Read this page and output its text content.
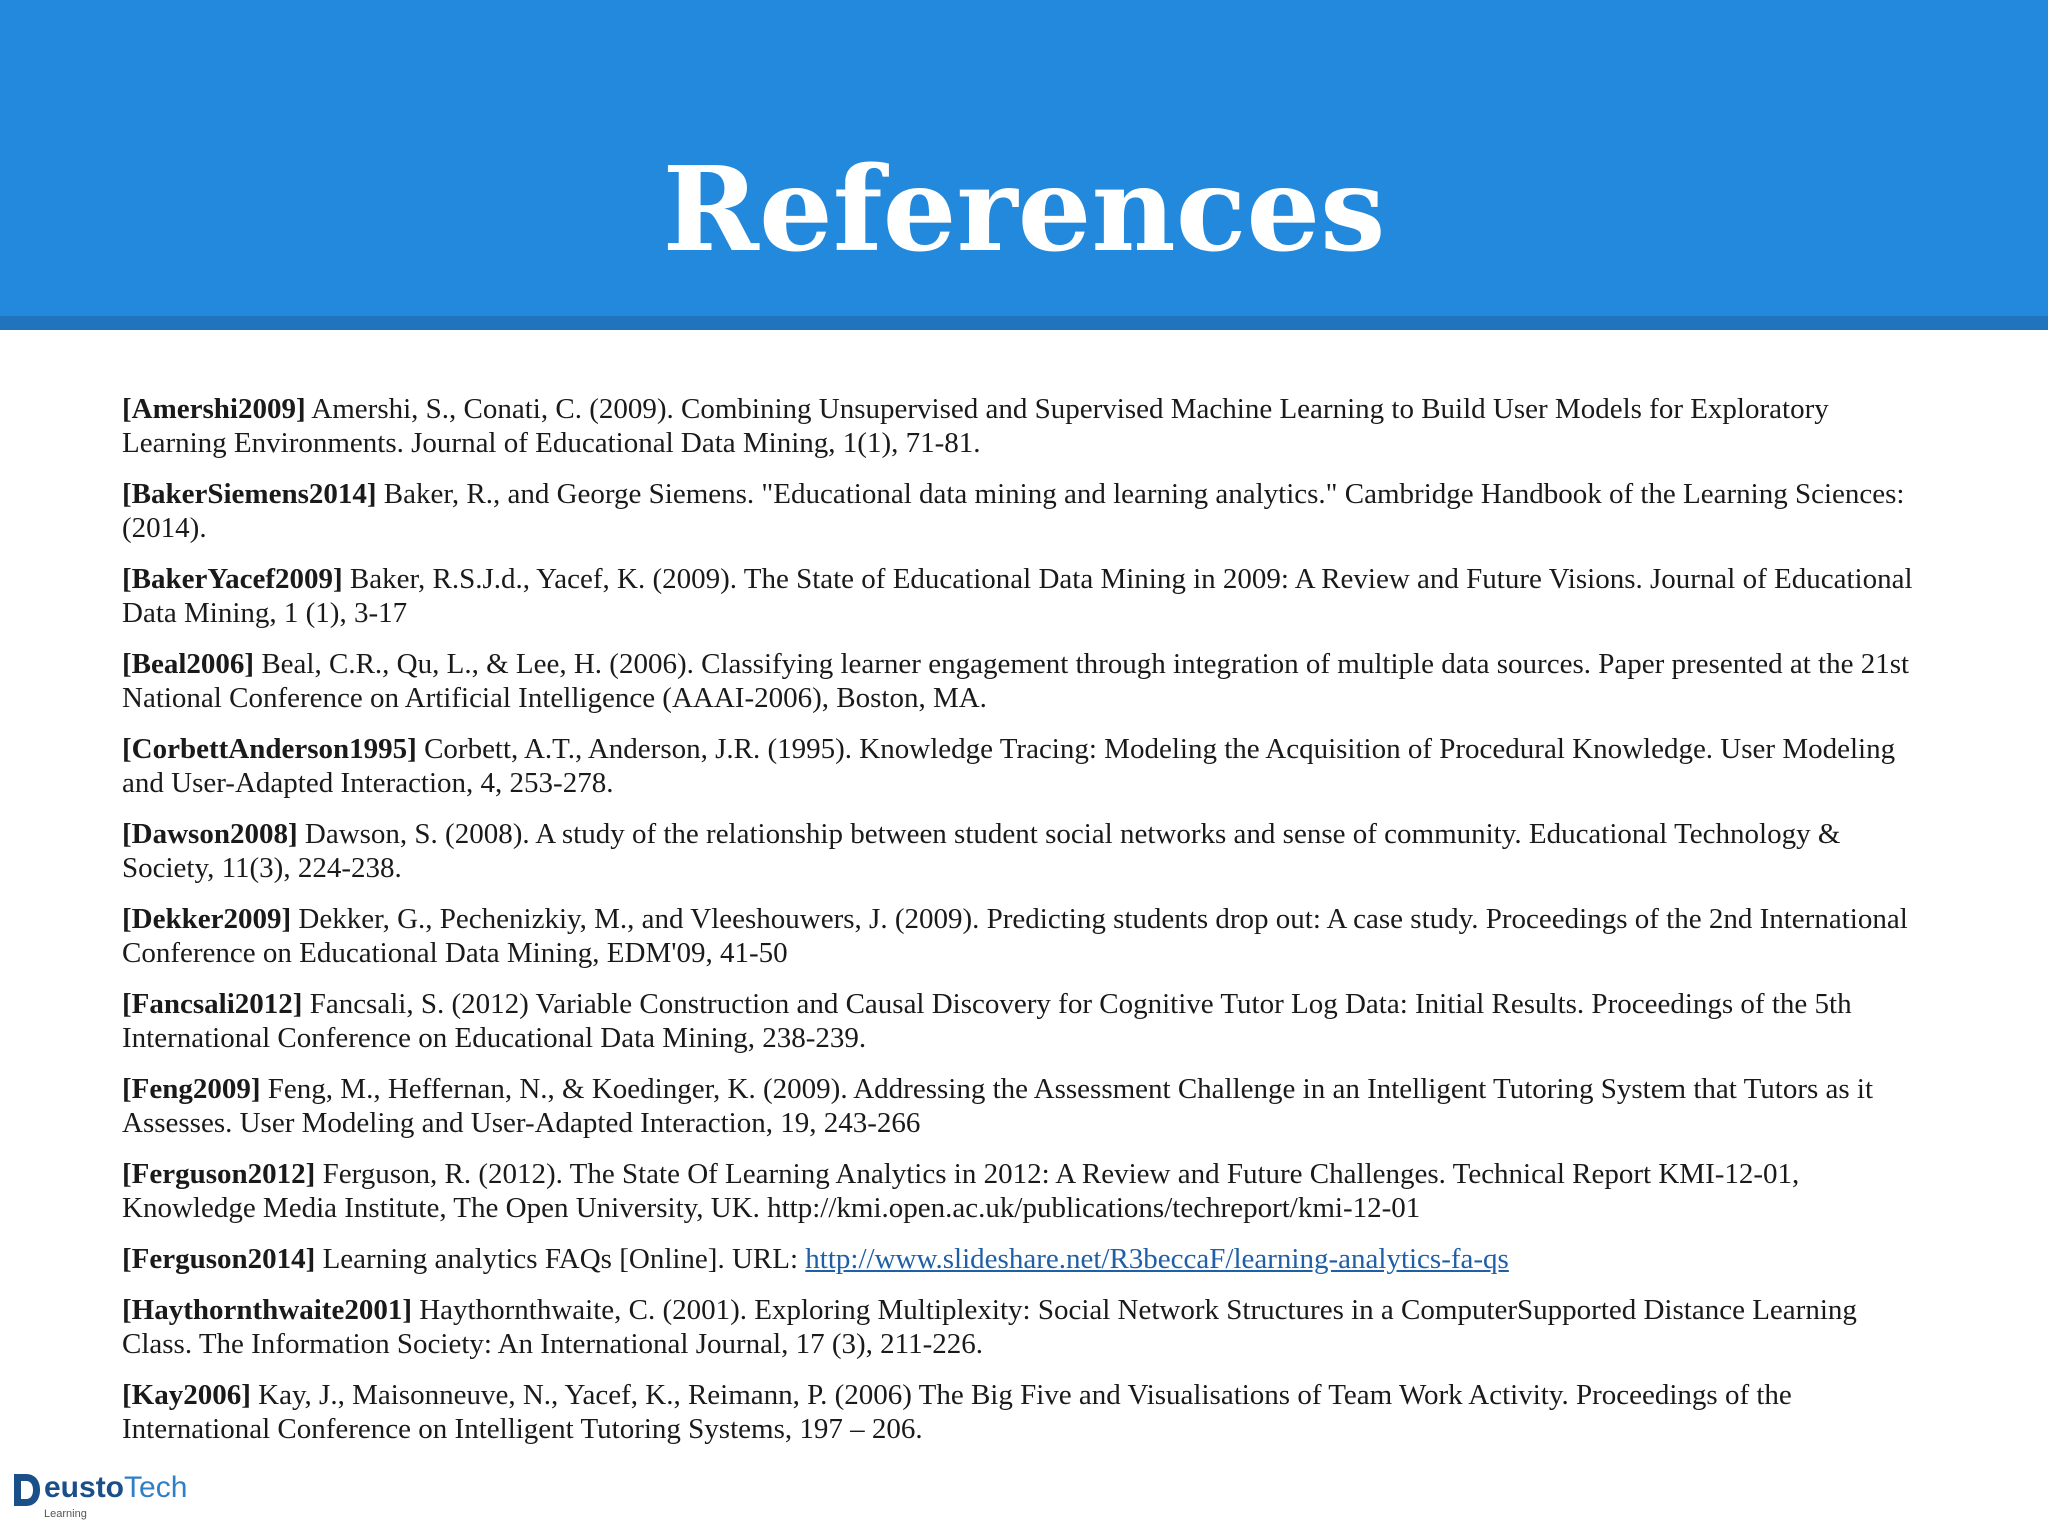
References

[Amershi2009] Amershi, S., Conati, C. (2009). Combining Unsupervised and Supervised Machine Learning to Build User Models for Exploratory Learning Environments. Journal of Educational Data Mining, 1(1), 71-81.

[BakerSiemens2014] Baker, R., and George Siemens. "Educational data mining and learning analytics." Cambridge Handbook of the Learning Sciences: (2014).

[BakerYacef2009] Baker, R.S.J.d., Yacef, K. (2009). The State of Educational Data Mining in 2009: A Review and Future Visions. Journal of Educational Data Mining, 1 (1), 3-17

[Beal2006] Beal, C.R., Qu, L., & Lee, H. (2006). Classifying learner engagement through integration of multiple data sources. Paper presented at the 21st National Conference on Artificial Intelligence (AAAI-2006), Boston, MA.

[CorbettAnderson1995] Corbett, A.T., Anderson, J.R. (1995). Knowledge Tracing: Modeling the Acquisition of Procedural Knowledge. User Modeling and User-Adapted Interaction, 4, 253-278.

[Dawson2008] Dawson, S. (2008). A study of the relationship between student social networks and sense of community. Educational Technology & Society, 11(3), 224-238.

[Dekker2009] Dekker, G., Pechenizkiy, M., and Vleeshouwers, J. (2009). Predicting students drop out: A case study. Proceedings of the 2nd International Conference on Educational Data Mining, EDM'09, 41-50

[Fancsali2012] Fancsali, S. (2012) Variable Construction and Causal Discovery for Cognitive Tutor Log Data: Initial Results. Proceedings of the 5th International Conference on Educational Data Mining, 238-239.

[Feng2009] Feng, M., Heffernan, N., & Koedinger, K. (2009). Addressing the Assessment Challenge in an Intelligent Tutoring System that Tutors as it Assesses. User Modeling and User-Adapted Interaction, 19, 243-266

[Ferguson2012] Ferguson, R. (2012). The State Of Learning Analytics in 2012: A Review and Future Challenges. Technical Report KMI-12-01, Knowledge Media Institute, The Open University, UK. http://kmi.open.ac.uk/publications/techreport/kmi-12-01

[Ferguson2014] Learning analytics FAQs [Online]. URL: http://www.slideshare.net/R3beccaF/learning-analytics-fa-qs

[Haythornthwaite2001] Haythornthwaite, C. (2001). Exploring Multiplexity: Social Network Structures in a ComputerSupported Distance Learning Class. The Information Society: An International Journal, 17 (3), 211-226.

[Kay2006] Kay, J., Maisonneuve, N., Yacef, K., Reimann, P. (2006) The Big Five and Visualisations of Team Work Activity. Proceedings of the International Conference on Intelligent Tutoring Systems, 197 – 206.

eustoTech
Learning
